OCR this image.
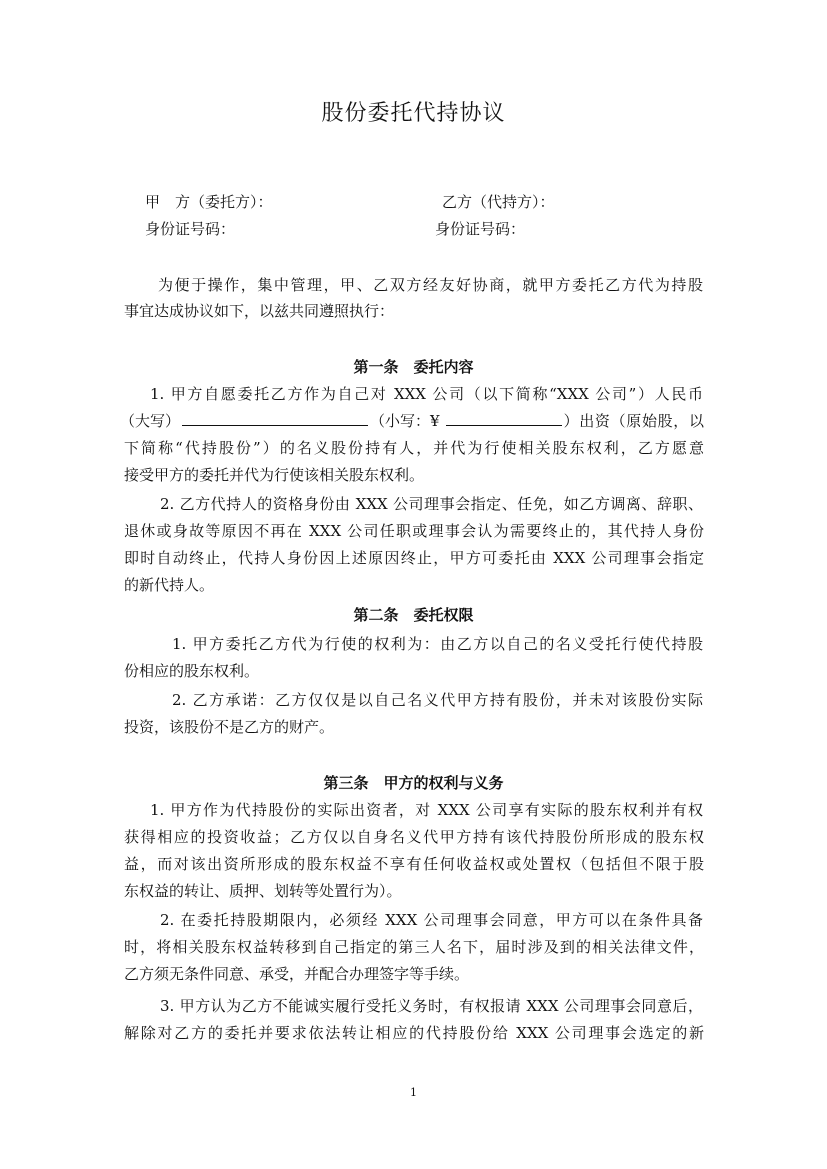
股份委托代持协议
甲　方（委托方）：	乙方（代持方）：
身份证号码：	身份证号码：
为便于操作，集中管理，甲、乙双方经友好协商，就甲方委托乙方代为持股
事宜达成协议如下，以兹共同遵照执行：
第一条　委托内容
1. 甲方自愿委托乙方作为自己对 XXX 公司（以下简称“XXX 公司”）人民币
（大写）	（小写：¥	）出资（原始股，以
下简称“代持股份”）的名义股份持有人，并代为行使相关股东权利，乙方愿意
接受甲方的委托并代为行使该相关股东权利。
2. 乙方代持人的资格身份由 XXX 公司理事会指定、任免，如乙方调离、辞职、
退休或身故等原因不再在 XXX 公司任职或理事会认为需要终止的，其代持人身份
即时自动终止，代持人身份因上述原因终止，甲方可委托由 XXX 公司理事会指定
的新代持人。
第二条　委托权限
1. 甲方委托乙方代为行使的权利为：由乙方以自己的名义受托行使代持股
份相应的股东权利。
2. 乙方承诺：乙方仅仅是以自己名义代甲方持有股份，并未对该股份实际
投资，该股份不是乙方的财产。
第三条　甲方的权利与义务
1. 甲方作为代持股份的实际出资者，对 XXX 公司享有实际的股东权利并有权
获得相应的投资收益；乙方仅以自身名义代甲方持有该代持股份所形成的股东权
益，而对该出资所形成的股东权益不享有任何收益权或处置权（包括但不限于股
东权益的转让、质押、划转等处置行为）。
2. 在委托持股期限内，必须经 XXX 公司理事会同意，甲方可以在条件具备
时，将相关股东权益转移到自己指定的第三人名下，届时涉及到的相关法律文件，
乙方须无条件同意、承受，并配合办理签字等手续。
3. 甲方认为乙方不能诚实履行受托义务时，有权报请 XXX 公司理事会同意后，
解除对乙方的委托并要求依法转让相应的代持股份给 XXX 公司理事会选定的新
1
